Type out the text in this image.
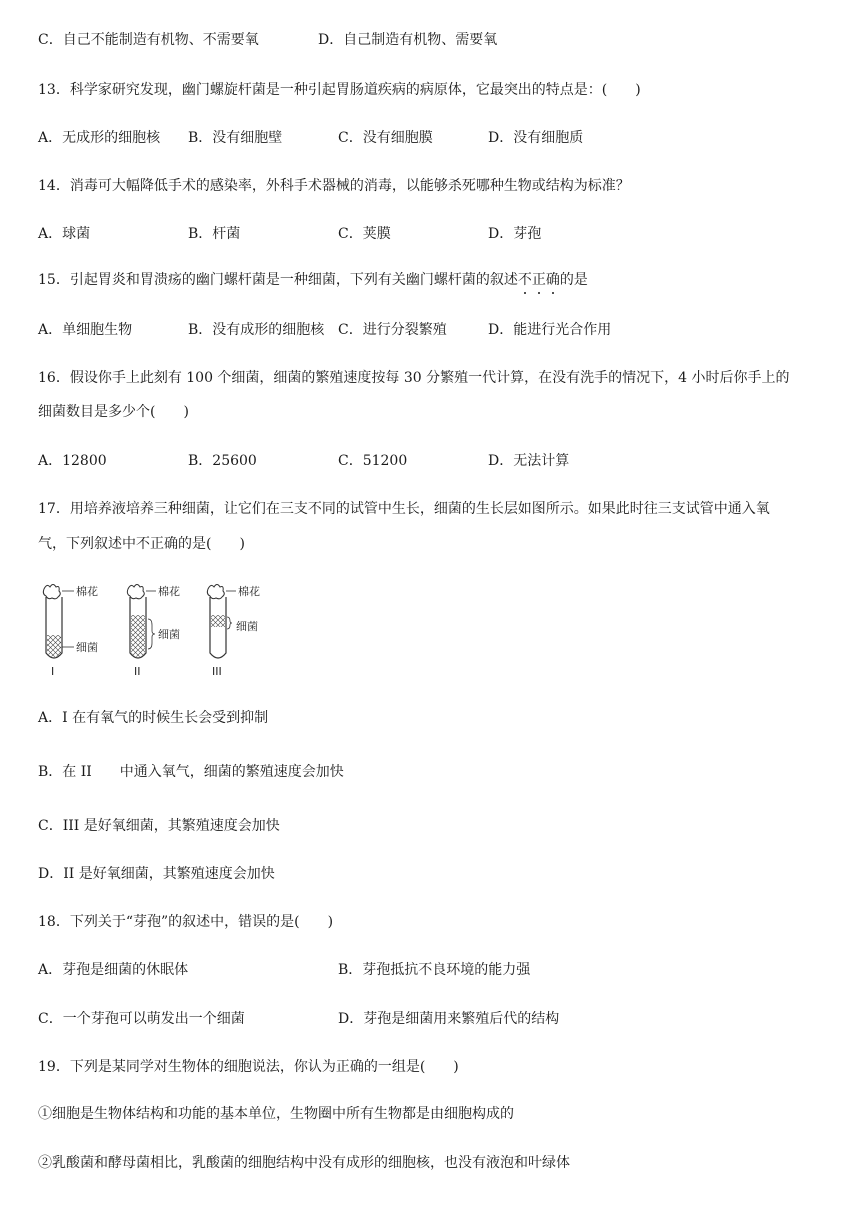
C．自己不能制造有机物、不需要氧	D．自己制造有机物、需要氧
13．科学家研究发现，幽门螺旋杆菌是一种引起胃肠道疾病的病原体，它最突出的特点是：(　　)
A．无成形的细胞核 B．没有细胞壁	C．没有细胞膜	D．没有细胞质
14．消毒可大幅降低手术的感染率，外科手术器械的消毒，以能够杀死哪种生物或结构为标准？
A．球菌	B．杆菌	C．荚膜	D．芽孢
15．引起胃炎和胃溃疡的幽门螺杆菌是一种细菌，下列有关幽门螺杆菌的叙述不正确的是
A．单细胞生物	B．没有成形的细胞核 C．进行分裂繁殖	D．能进行光合作用
16．假设你手上此刻有 100 个细菌，细菌的繁殖速度按每 30 分繁殖一代计算，在没有洗手的情况下，4 小时后你手上的
细菌数目是多少个(　　)
A．12800	B．25600	C．51200	D．无法计算
17．用培养液培养三种细菌，让它们在三支不同的试管中生长，细菌的生长层如图所示。如果此时往三支试管中通入氧
气，下列叙述中不正确的是(　　)
棉花
细菌
I
棉花
细菌
II
棉花
细菌
III
A．I 在有氧气的时候生长会受到抑制
B．在 II　　中通入氧气，细菌的繁殖速度会加快
C．III 是好氧细菌，其繁殖速度会加快
D．II 是好氧细菌，其繁殖速度会加快
18．下列关于“芽孢”的叙述中，错误的是(　　)
A．芽孢是细菌的休眠体	B．芽孢抵抗不良环境的能力强
C．一个芽孢可以萌发出一个细菌	D．芽孢是细菌用来繁殖后代的结构
19．下列是某同学对生物体的细胞说法，你认为正确的一组是(　　)
①细胞是生物体结构和功能的基本单位，生物圈中所有生物都是由细胞构成的
②乳酸菌和酵母菌相比，乳酸菌的细胞结构中没有成形的细胞核，也没有液泡和叶绿体
